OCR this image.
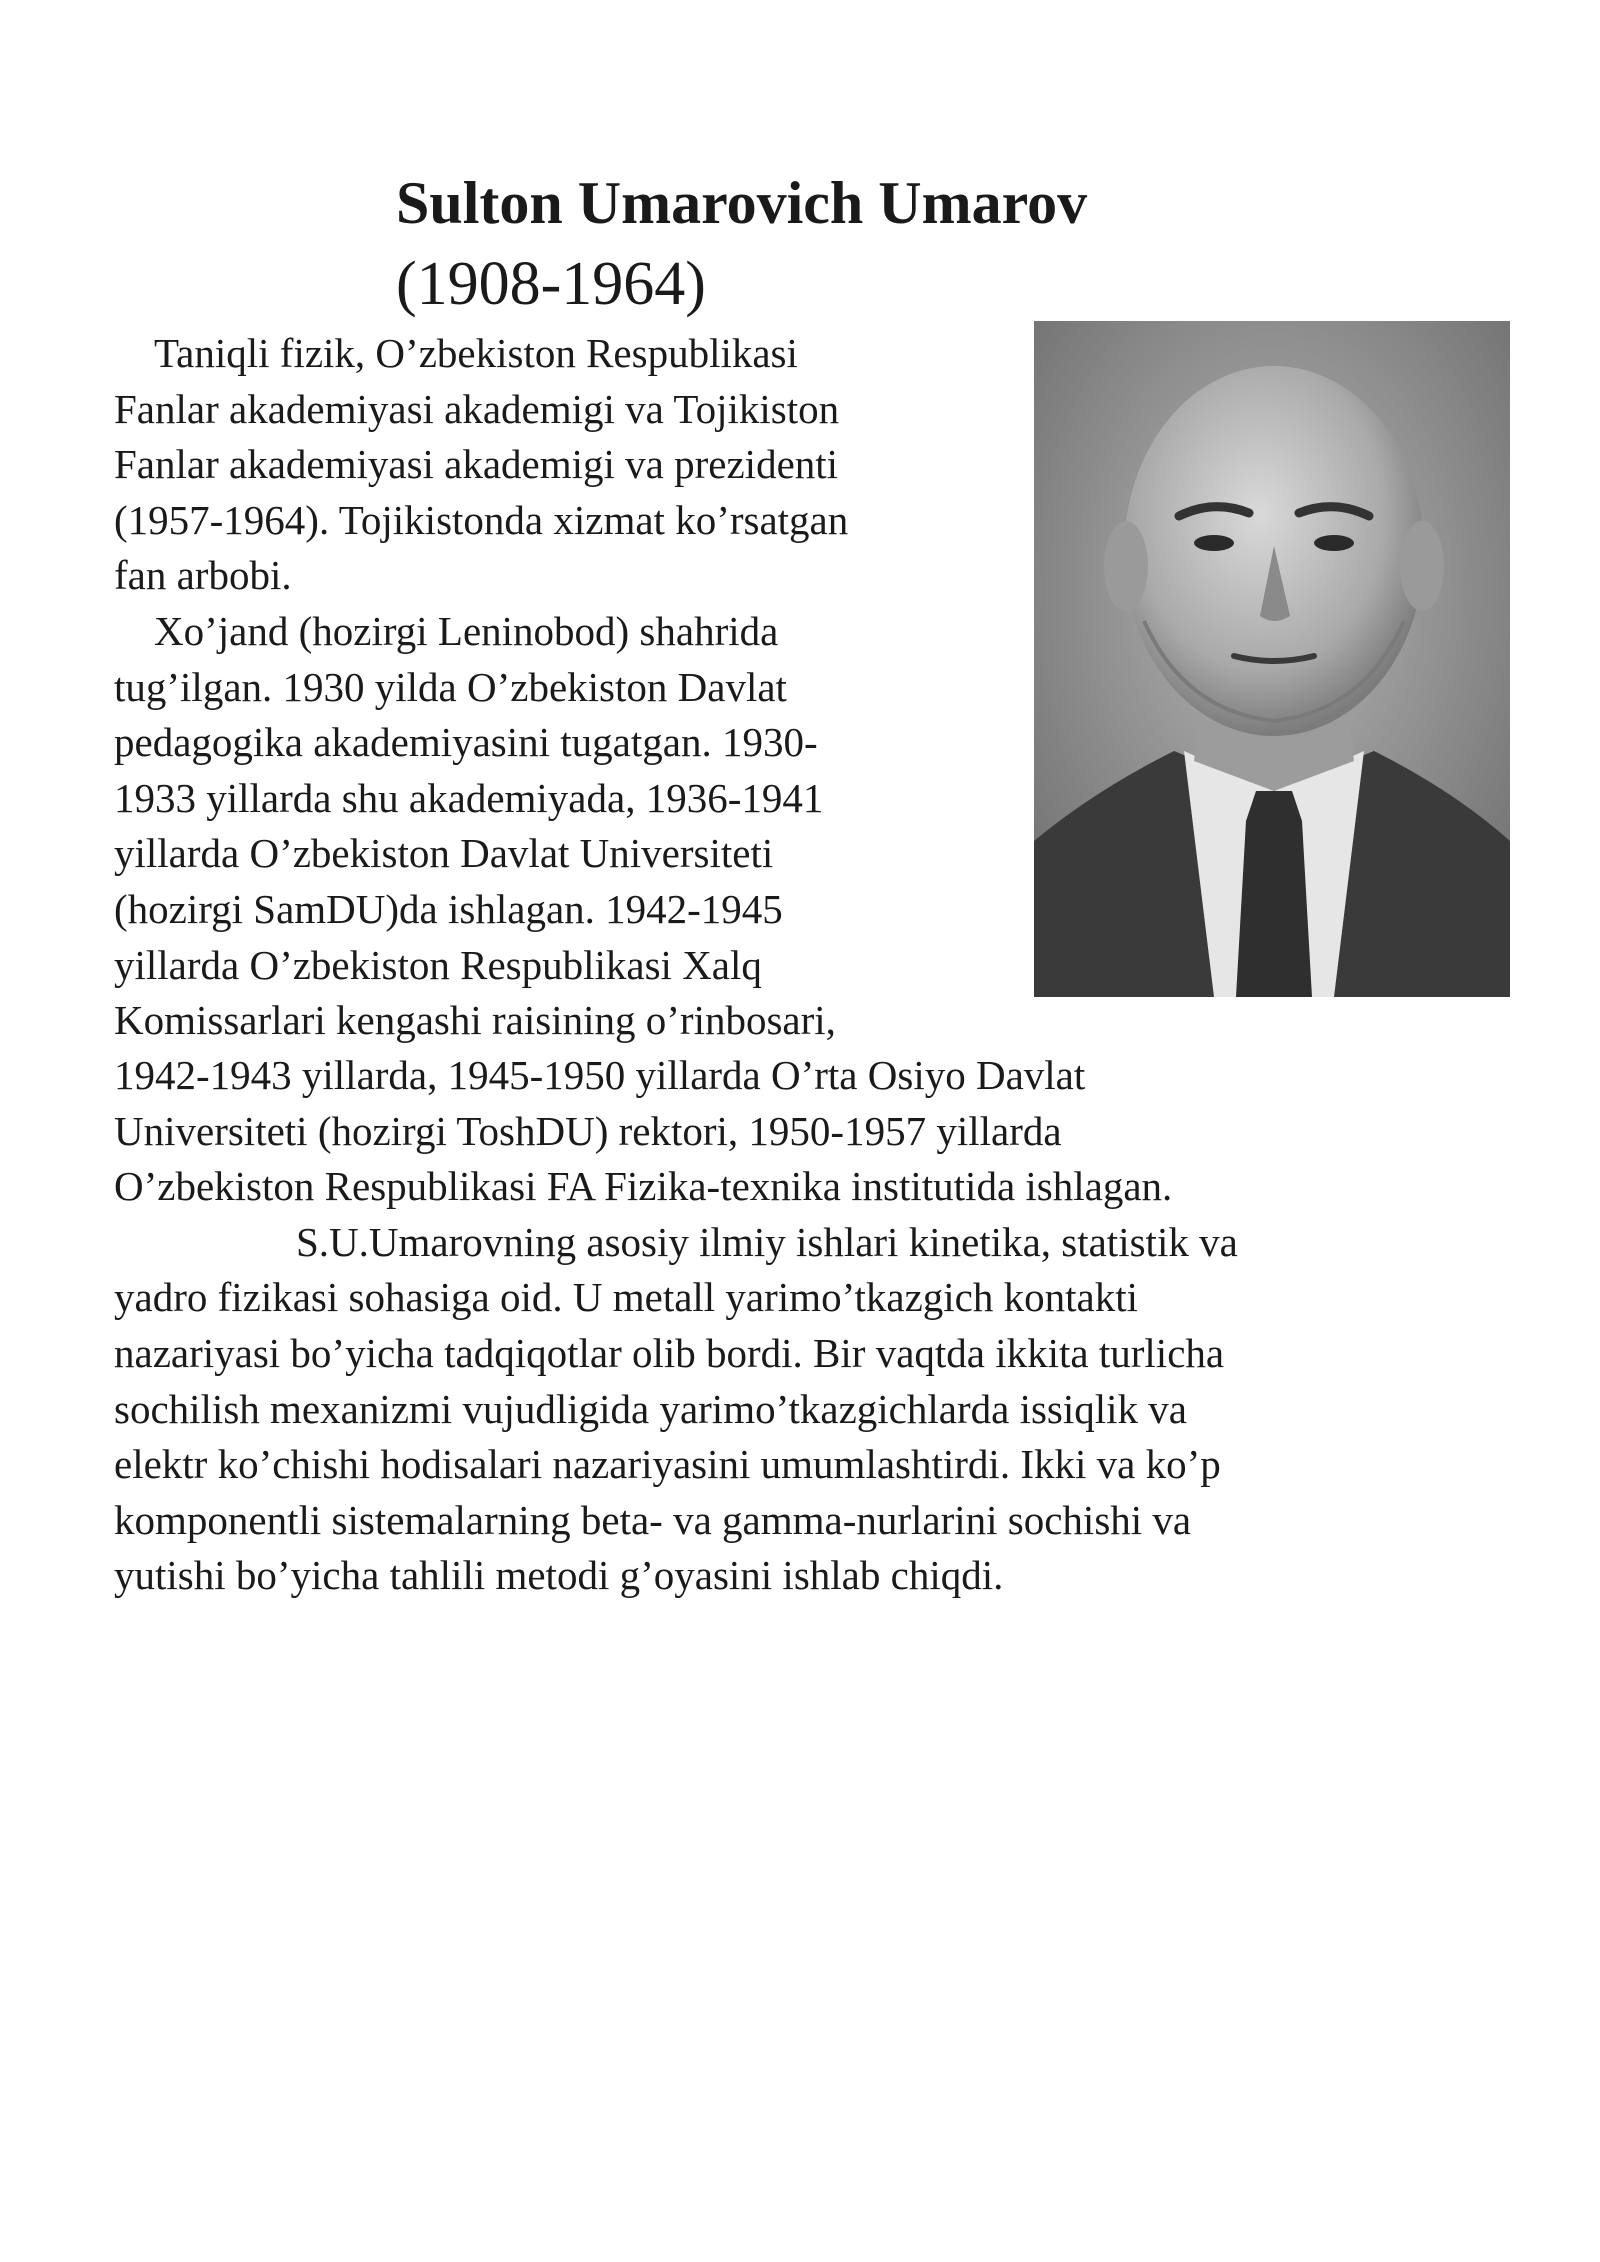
Sulton Umarovich Umarov
(1908-1964)
Taniqli fizik, O’zbekiston Respublikasi
Fanlar akademiyasi akademigi va Tojikiston
Fanlar akademiyasi akademigi va prezidenti
(1957-1964). Tojikistonda xizmat ko’rsatgan
fan arbobi.
Xo’jand (hozirgi Leninobod) shahrida
tug’ilgan. 1930 yilda O’zbekiston Davlat
pedagogika akademiyasini tugatgan. 1930-
1933 yillarda shu akademiyada, 1936-1941
yillarda O’zbekiston Davlat Universiteti
(hozirgi SamDU)da ishlagan. 1942-1945
yillarda O’zbekiston Respublikasi Xalq
Komissarlari kengashi raisining o’rinbosari,
1942-1943 yillarda, 1945-1950 yillarda O’rta Osiyo Davlat
Universiteti (hozirgi ToshDU) rektori, 1950-1957 yillarda
O’zbekiston Respublikasi FA Fizika-texnika institutida ishlagan.
S.U.Umarovning asosiy ilmiy ishlari kinetika, statistik va
yadro fizikasi sohasiga oid. U metall yarimo’tkazgich kontakti
nazariyasi bo’yicha tadqiqotlar olib bordi. Bir vaqtda ikkita turlicha
sochilish mexanizmi vujudligida yarimo’tkazgichlarda issiqlik va
elektr ko’chishi hodisalari nazariyasini umumlashtirdi. Ikki va ko’p
komponentli sistemalarning beta- va gamma-nurlarini sochishi va
yutishi bo’yicha tahlili metodi g’oyasini ishlab chiqdi.
